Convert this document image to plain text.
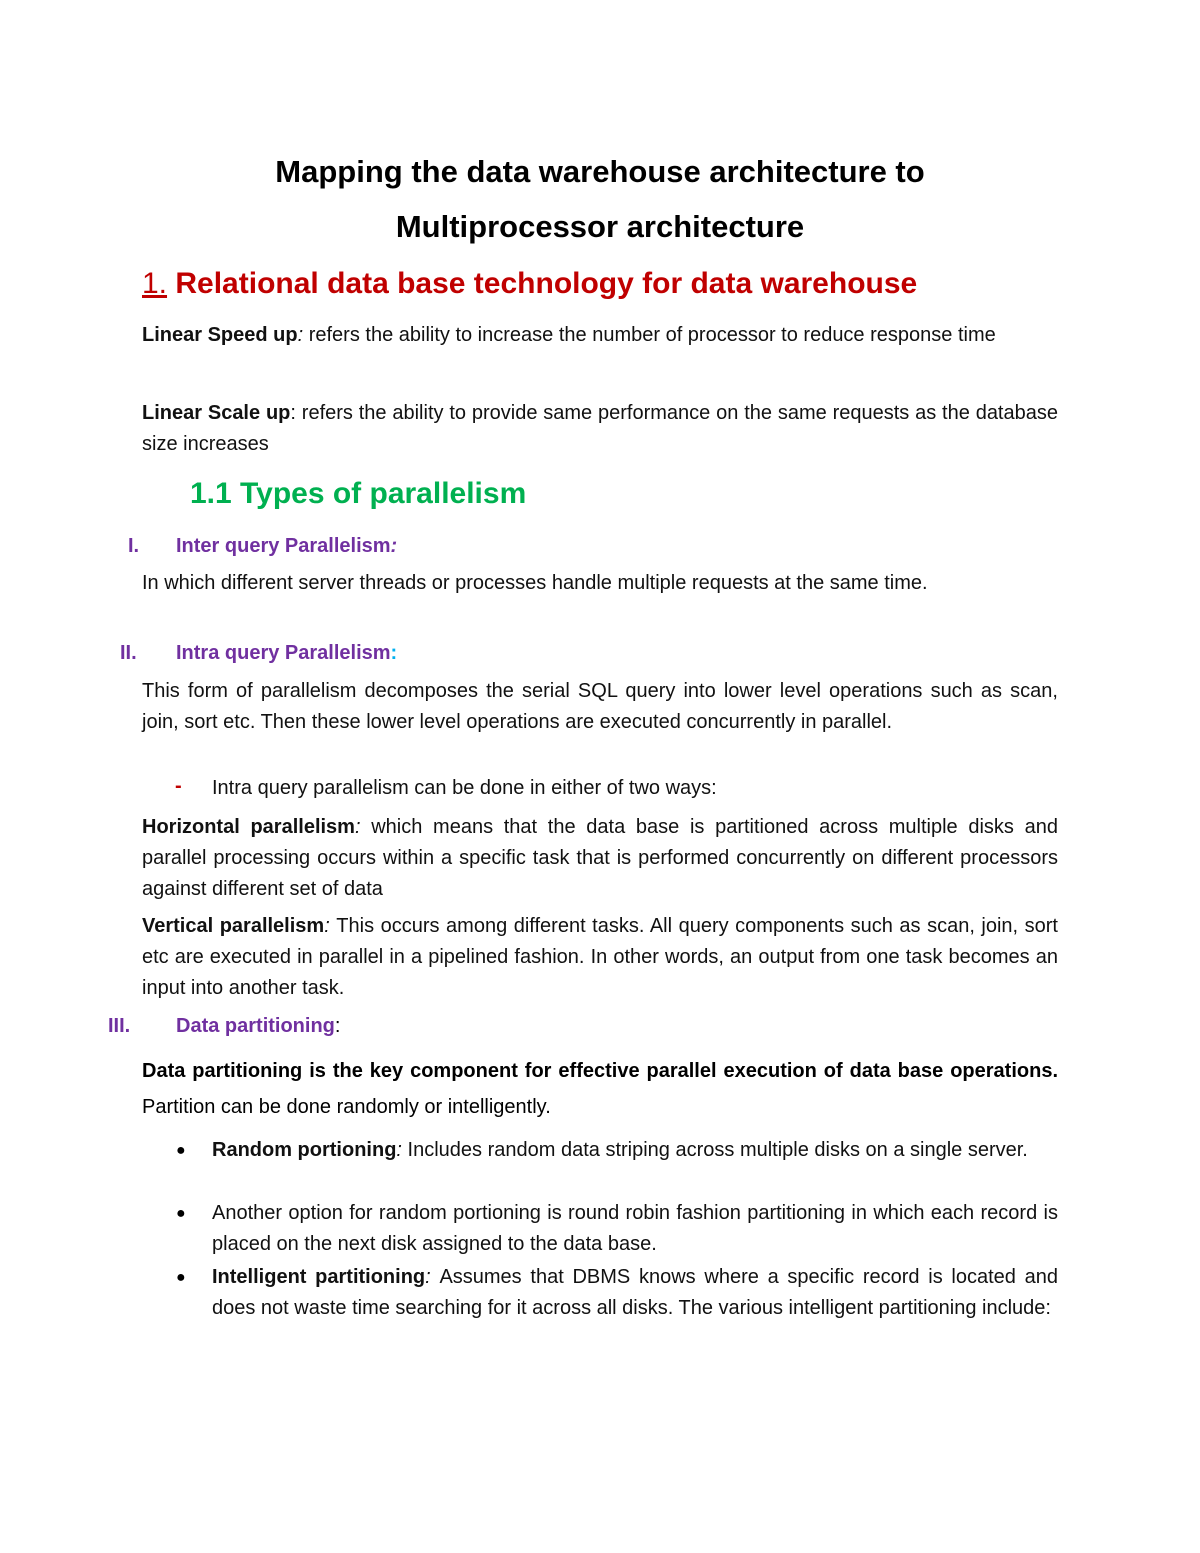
Mapping the data warehouse architecture to
Multiprocessor architecture
1. Relational data base technology for data warehouse
Linear Speed up: refers the ability to increase the number of processor to reduce response time
Linear Scale up: refers the ability to provide same performance on the same requests as the database size increases
1.1 Types of parallelism
I. Inter query Parallelism:
In which different server threads or processes handle multiple requests at the same time.
II. Intra query Parallelism:
This form of parallelism decomposes the serial SQL query into lower level operations such as scan, join, sort etc. Then these lower level operations are executed concurrently in parallel.
- Intra query parallelism can be done in either of two ways:
Horizontal parallelism: which means that the data base is partitioned across multiple disks and parallel processing occurs within a specific task that is performed concurrently on different processors against different set of data
Vertical parallelism: This occurs among different tasks. All query components such as scan, join, sort etc are executed in parallel in a pipelined fashion. In other words, an output from one task becomes an input into another task.
III. Data partitioning:
Data partitioning is the key component for effective parallel execution of data base operations. Partition can be done randomly or intelligently.
● Random portioning: Includes random data striping across multiple disks on a single server.
● Another option for random portioning is round robin fashion partitioning in which each record is placed on the next disk assigned to the data base.
● Intelligent partitioning: Assumes that DBMS knows where a specific record is located and does not waste time searching for it across all disks. The various intelligent partitioning include:
